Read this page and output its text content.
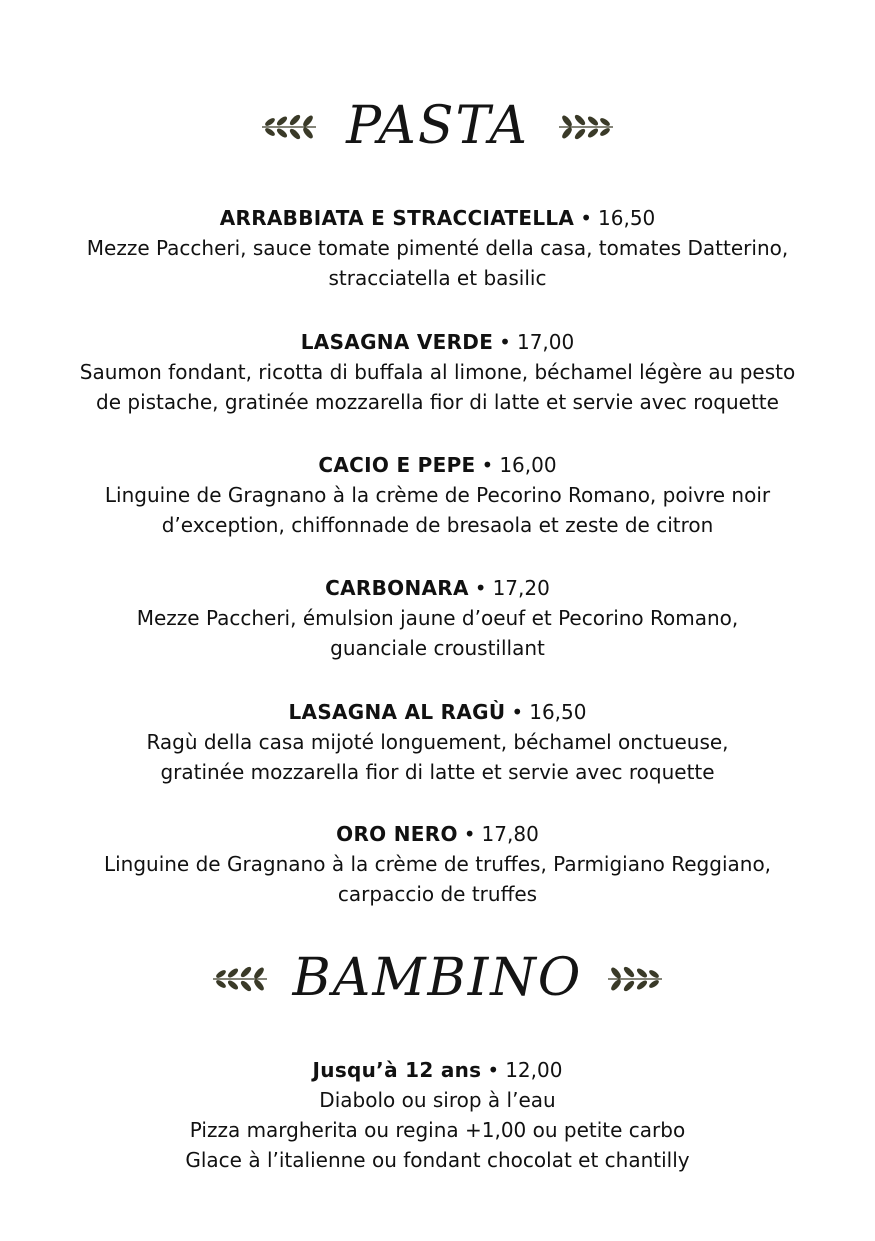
PASTA
ARRABBIATA E STRACCIATELLA • 16,50
Mezze Paccheri, sauce tomate pimenté della casa, tomates Datterino,
stracciatella et basilic
LASAGNA VERDE • 17,00
Saumon fondant, ricotta di buffala al limone, béchamel légère au pesto
de pistache, gratinée mozzarella fior di latte et servie avec roquette
CACIO E PEPE • 16,00
Linguine de Gragnano à la crème de Pecorino Romano, poivre noir
d’exception, chiffonnade de bresaola et zeste de citron
CARBONARA • 17,20
Mezze Paccheri, émulsion jaune d’oeuf et Pecorino Romano,
guanciale croustillant
LASAGNA AL RAGÙ • 16,50
Ragù della casa mijoté longuement, béchamel onctueuse,
gratinée mozzarella fior di latte et servie avec roquette
ORO NERO • 17,80
Linguine de Gragnano à la crème de truffes, Parmigiano Reggiano,
carpaccio de truffes
BAMBINO
Jusqu’à 12 ans • 12,00
Diabolo ou sirop à l’eau
Pizza margherita ou regina +1,00 ou petite carbo
Glace à l’italienne ou fondant chocolat et chantilly
